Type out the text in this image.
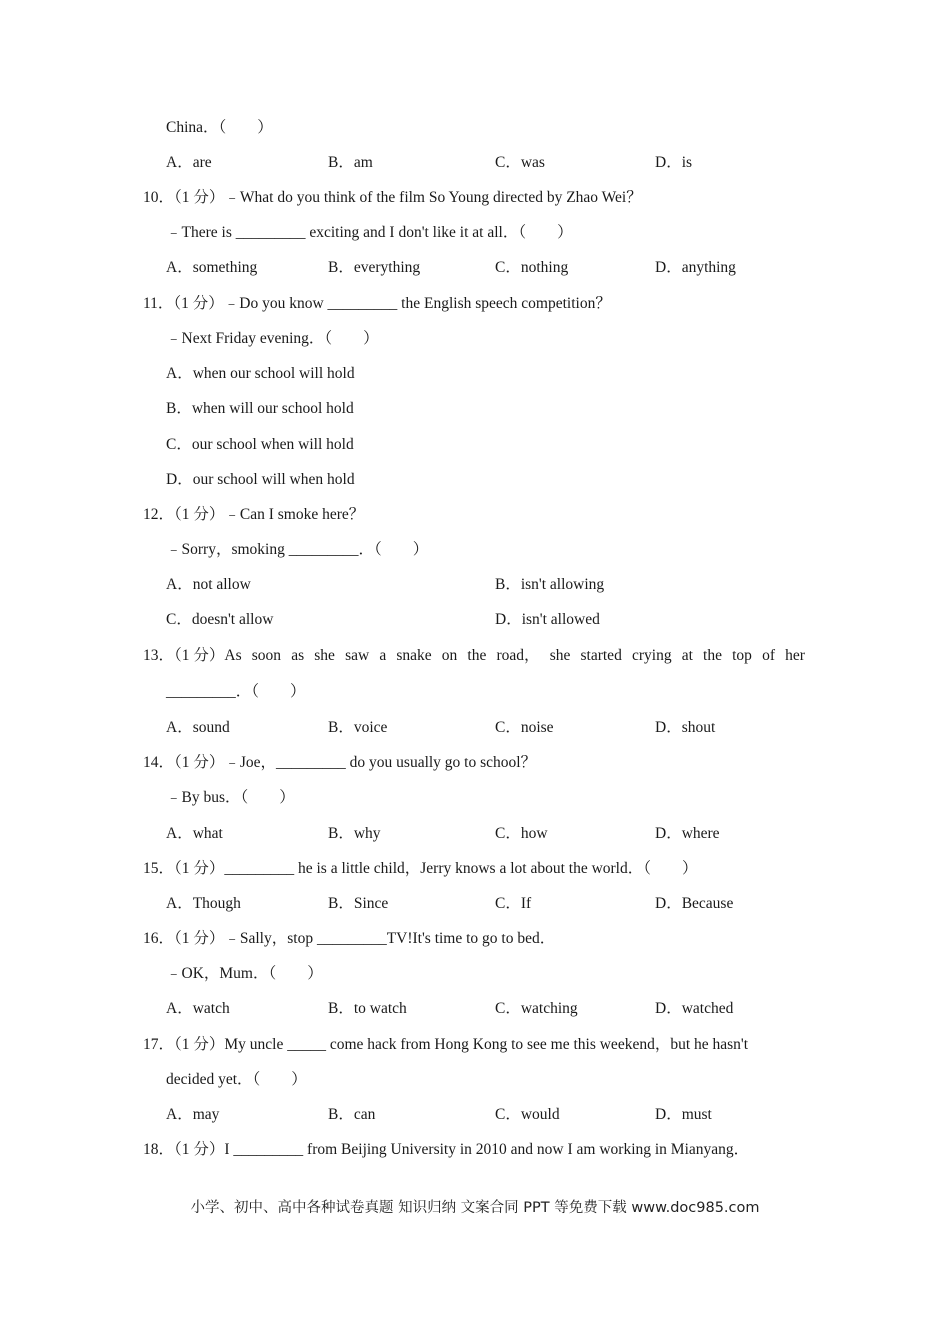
China．（　　）
A．are	B．am	C．was	D．is
10．（1 分）﹣What do you think of the film So Young directed by Zhao Wei？
﹣There is _________ exciting and I don't like it at all．（　　）
A．something	B．everything	C．nothing	D．anything
11．（1 分）﹣Do you know _________ the English speech competition？
﹣Next Friday evening．（　　）
A．when our school will hold
B．when will our school hold
C．our school when will hold
D．our school will when hold
12．（1 分）﹣Can I smoke here？
﹣Sorry，smoking _________．（　　）
A．not allow	B．isn't allowing
C．doesn't allow	D．isn't allowed
13．（1 分）As soon as she saw a snake on the road， she started crying at the top of her
_________．（　　）
A．sound	B．voice	C．noise	D．shout
14．（1 分）﹣Joe，_________ do you usually go to school？
﹣By bus．（　　）
A．what	B．why	C．how	D．where
15．（1 分）_________ he is a little child，Jerry knows a lot about the world．（　　）
A．Though	B．Since	C．If	D．Because
16．（1 分）﹣Sally，stop _________TV!It's time to go to bed．
﹣OK，Mum．（　　）
A．watch	B．to watch	C．watching	D．watched
17．（1 分）My uncle _____ come hack from Hong Kong to see me this weekend，but he hasn't
decided yet．（　　）
A．may	B．can	C．would	D．must
18．（1 分）I _________ from Beijing University in 2010 and now I am working in Mianyang．
小学、初中、高中各种试卷真题 知识归纳 文案合同 PPT 等免费下载 www.doc985.com
